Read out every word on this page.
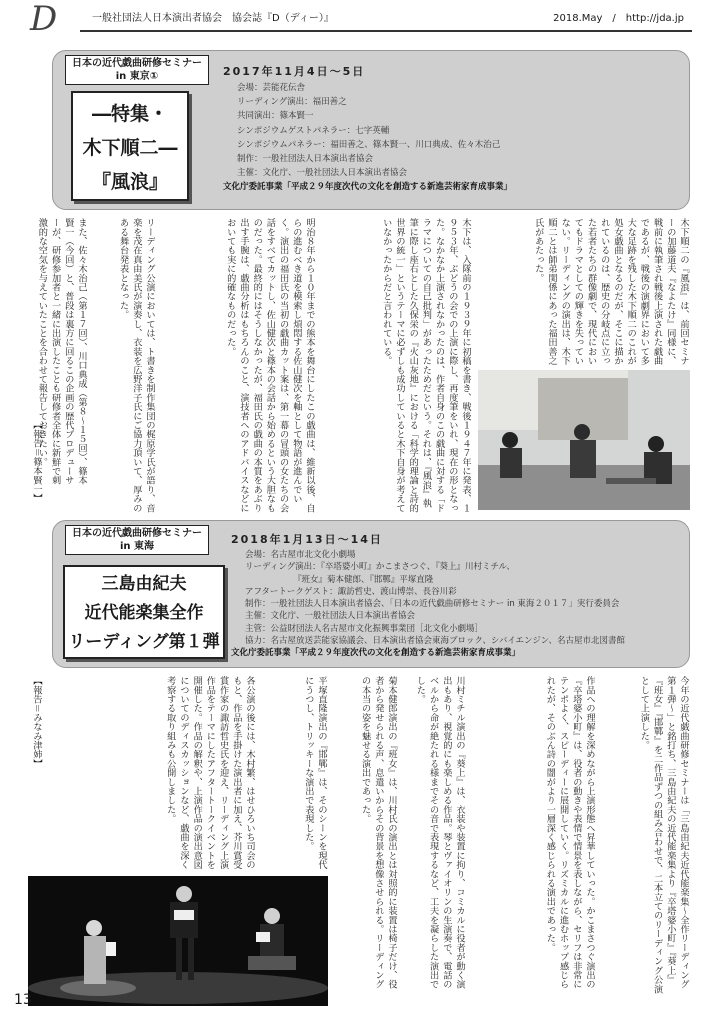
D	一般社団法人日本演出者協会　協会誌『D（ディー）』	2018.May　/　http://jda.jp
日本の近代戯曲研修セミナー
in 東京①
―特集・
木下順二―
『風浪』
2017年11月4日～5日
会場：芸能花伝舎
リーディング演出：福田善之
共同演出：篠本賢一
シンポジウムゲストパネラー：七字英輔
シンポジウムパネラー：福田善之、篠本賢一、川口典成、佐々木治己
制作：一般社団法人日本演出者協会
主催：文化庁、一般社団法人日本演出者協会
文化庁委託事業「平成２９年度次代の文化を創造する新進芸術家育成事業」
木下順二の『風浪』は、前回セミナーの加藤道夫『なよたけ』同様に、戦前に執筆され戦後上演された戯曲であるが、戦後の演劇界において多大な足跡を残した木下順二のこれが処女戯曲となるのだが、そこに描かれているのは、歴史の分岐点に立った若者たちの群像劇で、現代においてもドラマとしての輝きを失っていない。リーディングの演出は、木下順二とは師弟関係にあった福田善之氏があたった。
木下は、入隊前の１９３９年に初稿を書き、戦後１９４７年に発表、１９５３年、ぶどうの会での上演に際し、再度筆をいれ、現在の形となった。なかなか上演されなかったのは、作者自身のこの戯曲に対する「ドラマについての自己批判」があったためだという。それは、『風浪』執筆に際し座右とした久保栄の『火山灰地』における「科学的理論と詩的世界の統一」というテーマに必ずしも成功していると木下自身が考えていなかったからだと言われている。
明治８年から１０年までの熊本を舞台にしたこの戯曲は、維新以後、自らの進むべき道を模索し煩悶する佐山健次を軸として物語が進んでいく。演出の福田氏の当初の戯曲カット案は、第一幕の冒頭の女たちの会話をすべてカットし、佐山健次と篠本の会話から始めるという大胆なものだった。最終的にはそうしなかったが、福田氏の戯曲の本質をあぶり出す手腕は、戯曲分析はもちろんのこと、演技者へのアドバイスなどにおいても実に的確なものだった。
リーディング公演においては、ト書きを制作集団の梶原学氏が語り、音楽を茂在真由美氏が演奏し、衣装を広野洋子氏にご協力頂いて、厚みのある舞台発表となった。
また、佐々木治己（第１７回）、川口典成（第８～１５回）、篠本賢一（今回）と、普段は裏方に回るこの企画の歴代プロデューサーが、研修参加者と一緒に出演したことも研修者全体に新鮮で刺激的な空気を与えていたことを合わせて報告しておきたい。
【報告＝篠本賢一】
日本の近代戯曲研修セミナー
in 東海
三島由紀夫
近代能楽集全作
リーディング第１弾
2018年1月13日～14日
会場：名古屋市北文化小劇場
リーディング演出：『卒塔婆小町』かこまさつぐ、『葵上』川村ミチル、
『班女』菊本健郎、『邯鄲』平塚直隆
アフタートークゲスト：諏訪哲史、渡山博崇、長谷川彩
制作：一般社団法人日本演出者協会、「日本の近代戯曲研修セミナー in 東海２０１７」実行委員会
主催：文化庁、一般社団法人日本演出者協会
主管：公益財団法人名古屋市文化振興事業団［北文化小劇場］
協力：名古屋放送芸能家協議会、日本演出者協会東海ブロック、シバイエンジン、名古屋市北図書館
文化庁委託事業「平成２９年度次代の文化を創造する新進芸術家育成事業」
今年の近代戯曲研修セミナーは「三島由紀夫近代能楽集～全作リーディング第１弾～」と銘打ち、三島由紀夫の近代能楽集より『卒塔婆小町』『葵上』『班女』『邯鄲』を二作品ずつの組み合わせで、二本立てのリーディング公演として上演した。
作品への理解を深めながら上演形態へ昇華していった。かこまさつぐ演出の『卒塔婆小町』は、役者の動きや表情で情景を表しながら、セリフは非常にテンポよく、スピーディーに展開していく。リズミカルに進むホップ感じられたが、そのぶん詩の闇がより一層深く感じられる演出であった。
川村ミチル演出の『葵上』は、衣装や装置に拘り、コミカルに役者が動く演出もあり、視覚的にも楽しめる作品。琴とヴァイオリンの生演奏で、電話のベルから命が絶たれる様までその音で表現するなど、工夫を凝らした演出でした。
菊本健郎演出の『班女』は、川村氏の演出とは対照的に装置は椅子だけ、役者から発せられる声、息遣いからその背景を想像させられる。リーディングの本当の姿を魅せる演出であった。
平塚直隆演出の『邯鄲』は、そのシーンを現代にうつし、トリッキーな演出で表現した。
各公演の後には、木村繁、はせひろいち司会のもと、作品を手掛けた演出者に加え、芥川賞受賞作家の諏訪哲史氏を迎え、リーディング上演作品をテーマにしたアフタートークイベントを開催した。作品の解釈や、上演作品の演出意図についてのディスカッションなど、戯曲を深く考察する取り組みも公開しました。
【報告＝みなみ津姉】
13
